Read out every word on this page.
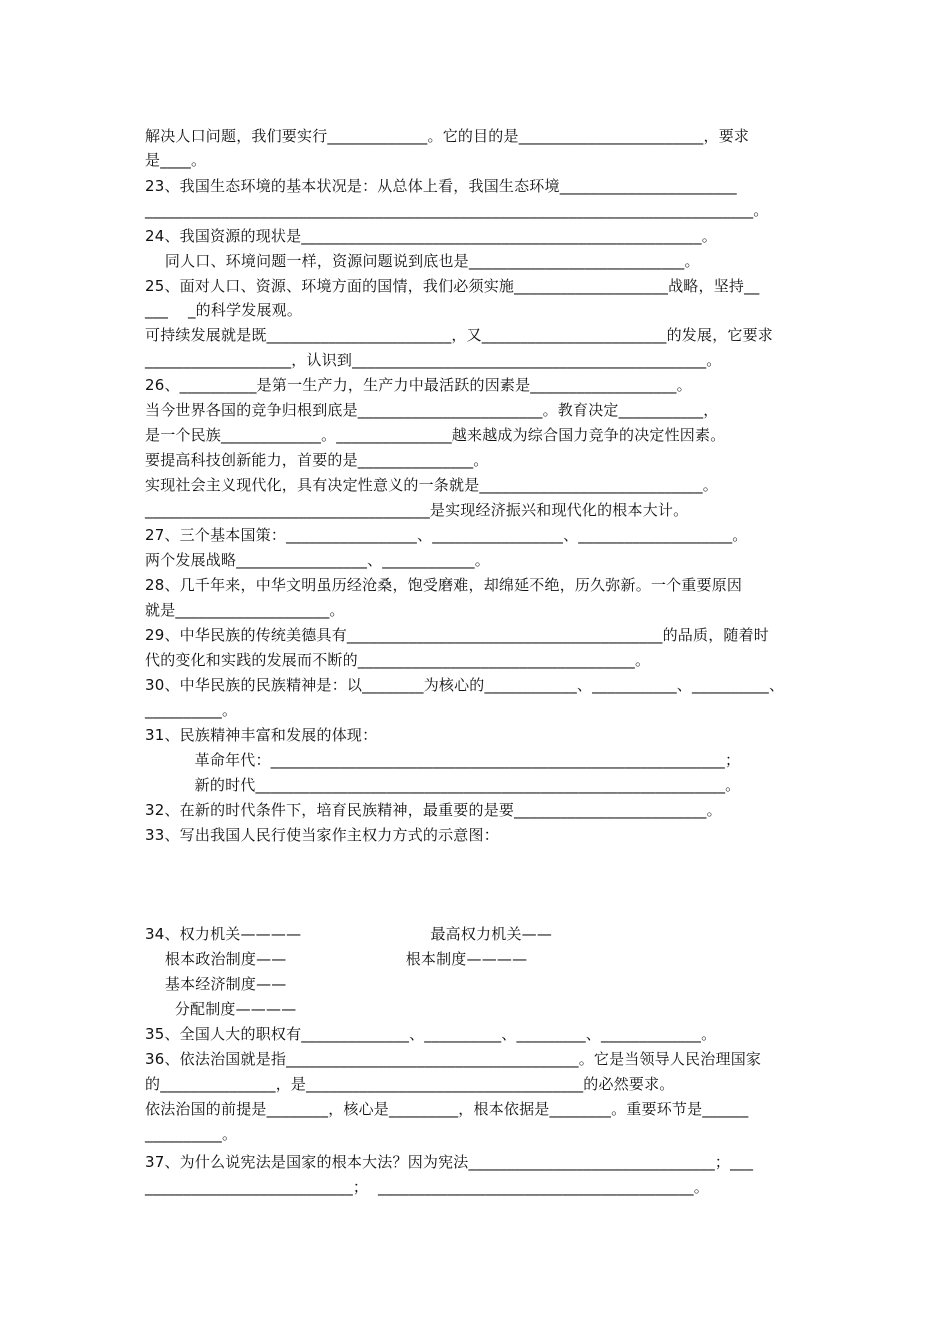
解决人口问题，我们要实行_____________。它的目的是________________________，要求
是____。
23、我国生态环境的基本状况是：从总体上看，我国生态环境_______________________
_______________________________________________________________________________。
24、我国资源的现状是____________________________________________________。
同人口、环境问题一样，资源问题说到底也是____________________________。
25、面对人口、资源、环境方面的国情，我们必须实施____________________战略，坚持__
___    _的科学发展观。
可持续发展就是既________________________，又________________________的发展，它要求
___________________，认识到______________________________________________。
26、__________是第一生产力，生产力中最活跃的因素是___________________。
当今世界各国的竞争归根到底是________________________。教育决定___________，
是一个民族_____________。_______________越来越成为综合国力竞争的决定性因素。
要提高科技创新能力，首要的是_______________。
实现社会主义现代化，具有决定性意义的一条就是_____________________________。
_____________________________________是实现经济振兴和现代化的根本大计。
27、三个基本国策：_________________、_________________、____________________。
两个发展战略_________________、____________。
28、几千年来，中华文明虽历经沧桑，饱受磨难，却绵延不绝，历久弥新。一个重要原因
就是____________________。
29、中华民族的传统美德具有_________________________________________的品质，随着时
代的变化和实践的发展而不断的____________________________________。
30、中华民族的民族精神是：以________为核心的____________、___________、__________、
__________。
31、民族精神丰富和发展的体现：
革命年代：___________________________________________________________；
新的时代_____________________________________________________________。
32、在新的时代条件下，培育民族精神，最重要的是要_________________________。
33、写出我国人民行使当家作主权力方式的示意图：
34、权力机关————                          最高权力机关——
根本政治制度——                        根本制度————
基本经济制度——
分配制度————
35、全国人大的职权有______________、__________、_________、_____________。
36、依法治国就是指______________________________________。它是当领导人民治理国家
的_______________，是____________________________________的必然要求。
依法治国的前提是________，核心是_________，根本依据是________。重要环节是______
__________。
37、为什么说宪法是国家的根本大法？因为宪法________________________________；___
___________________________；  _________________________________________。
